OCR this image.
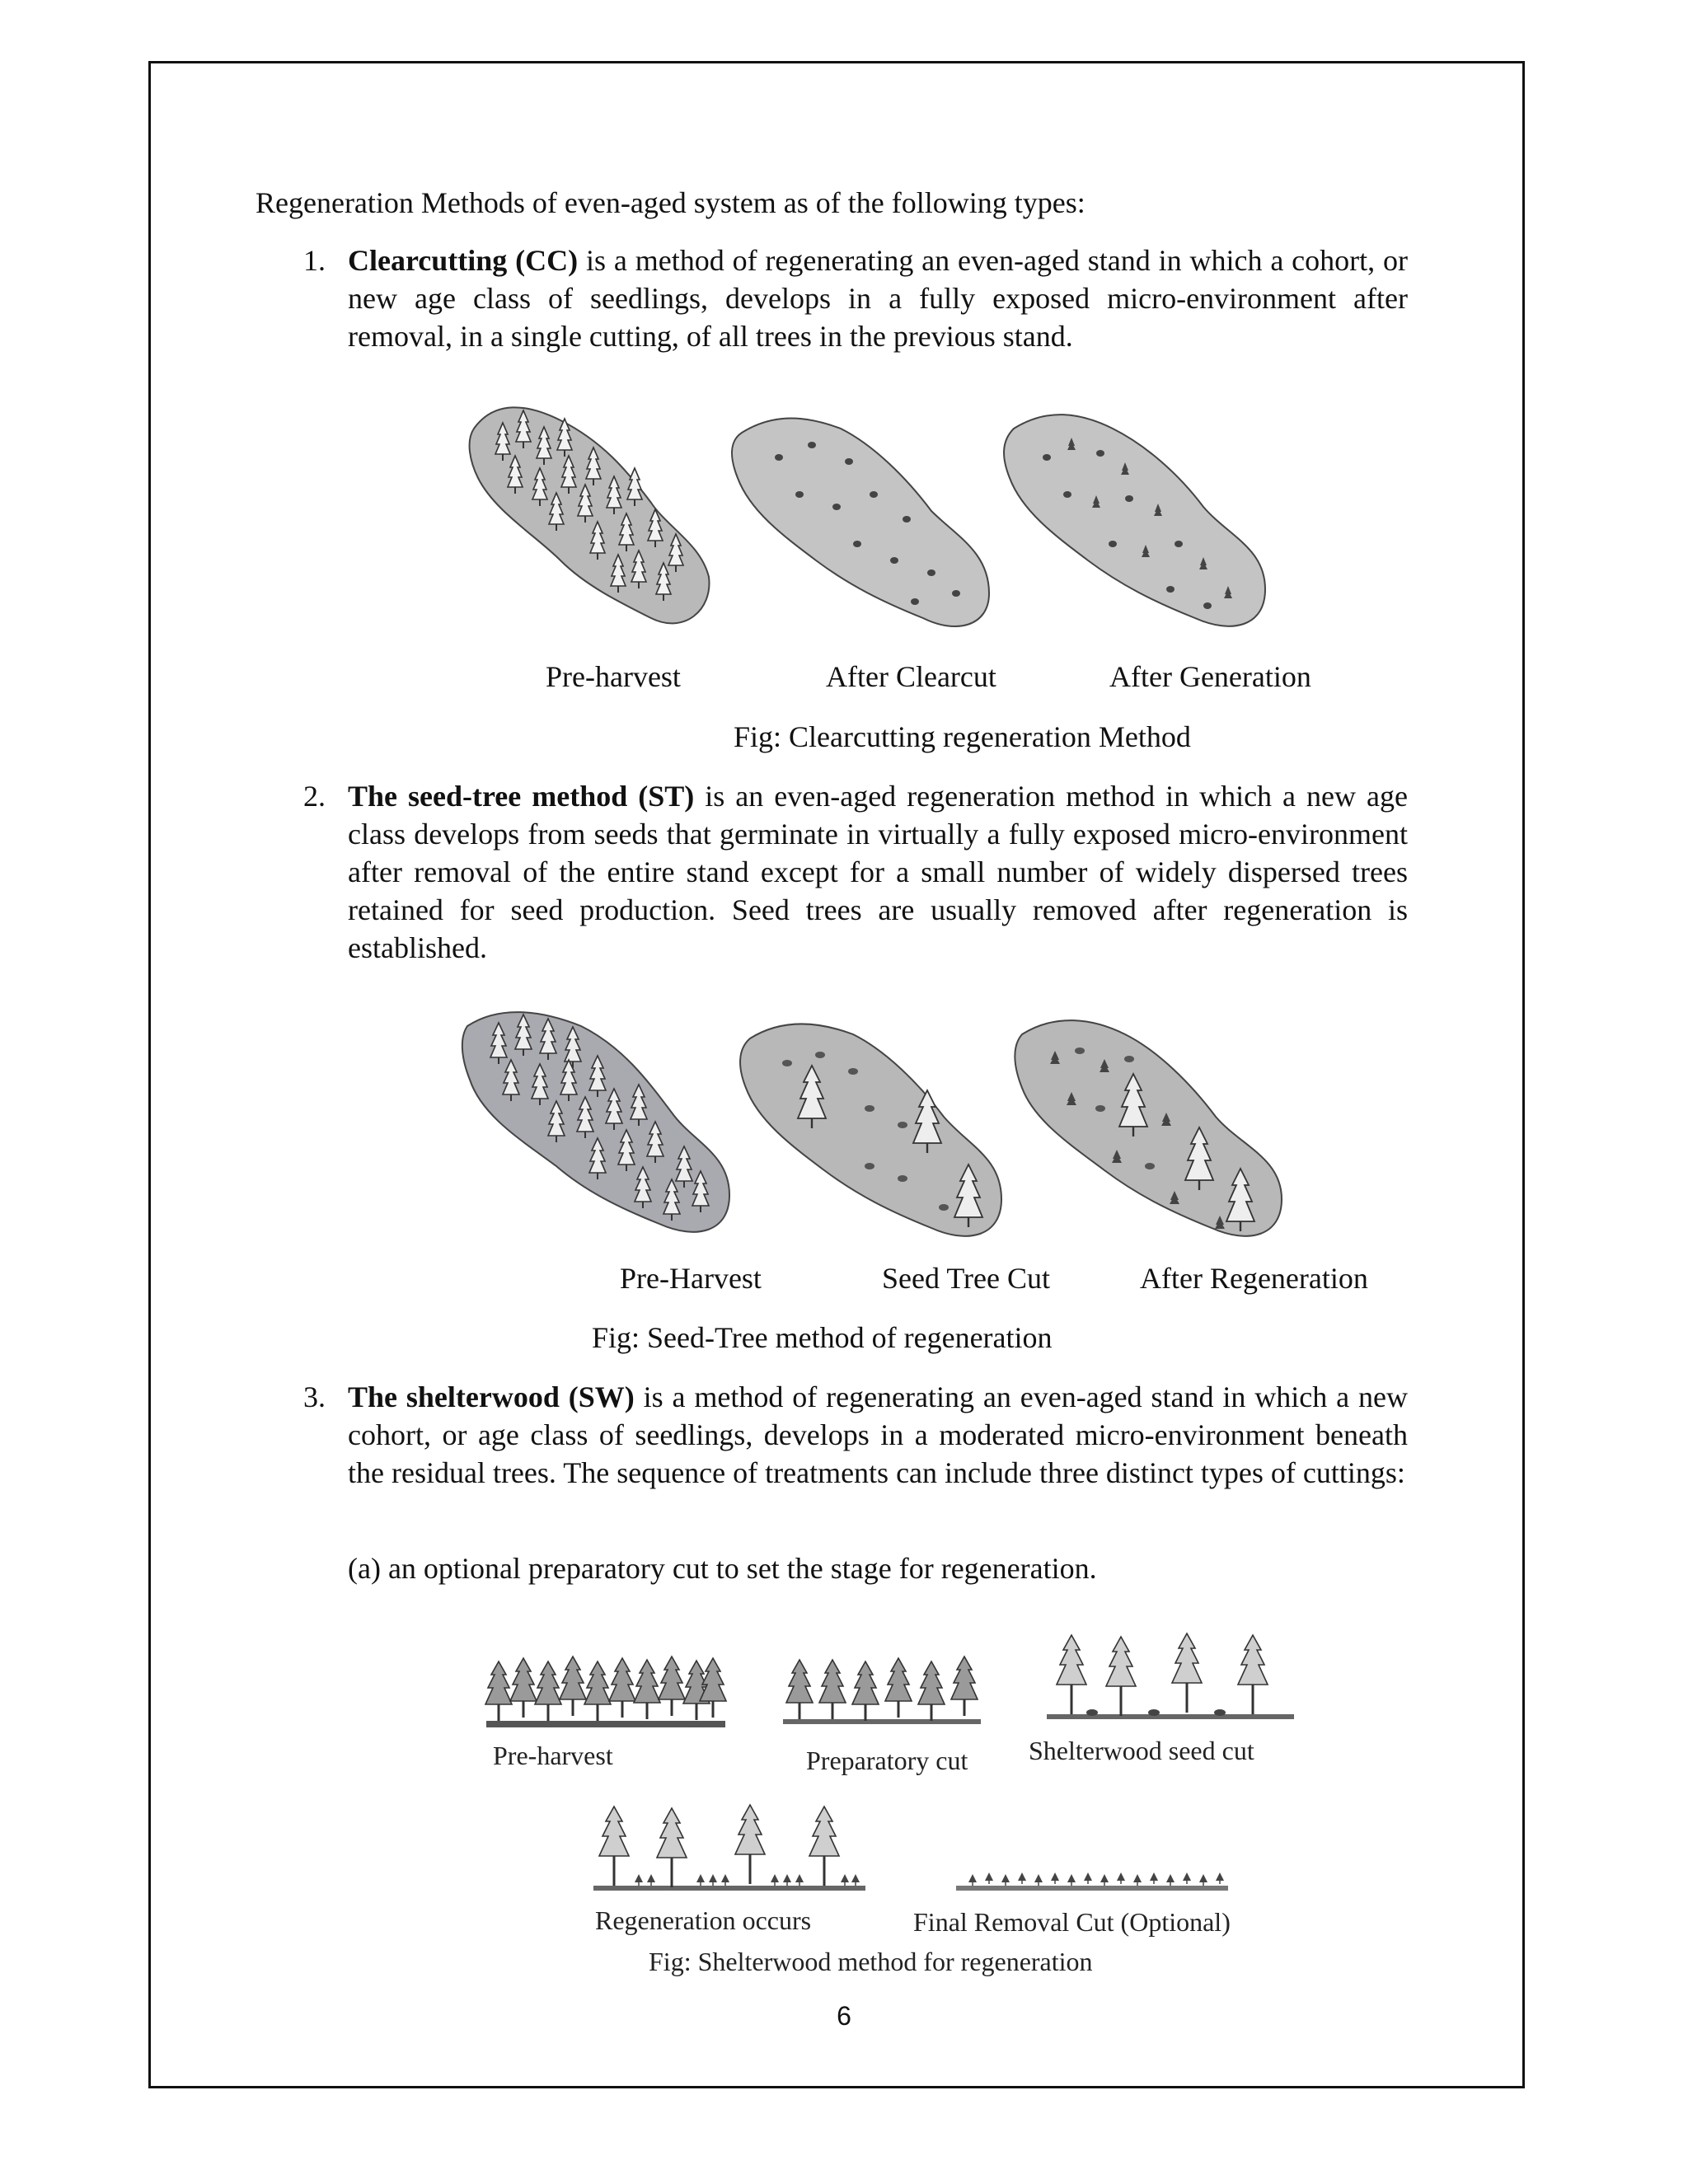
Regeneration Methods of even-aged system as of the following types:
1. Clearcutting (CC) is a method of regenerating an even-aged stand in which a cohort, or new age class of seedlings, develops in a fully exposed micro-environment after removal, in a single cutting, of all trees in the previous stand.
Pre-harvest	After Clearcut	After Generation
Fig: Clearcutting regeneration Method
2. The seed-tree method (ST) is an even-aged regeneration method in which a new age class develops from seeds that germinate in virtually a fully exposed micro-environment after removal of the entire stand except for a small number of widely dispersed trees retained for seed production. Seed trees are usually removed after regeneration is established.
Pre-Harvest	Seed Tree Cut	After Regeneration
Fig: Seed-Tree method of regeneration
3. The shelterwood (SW) is a method of regenerating an even-aged stand in which a new cohort, or age class of seedlings, develops in a moderated micro-environment beneath the residual trees. The sequence of treatments can include three distinct types of cuttings:
(a) an optional preparatory cut to set the stage for regeneration.
Pre-harvest	Preparatory cut Shelterwood seed cut
Regeneration occurs	Final Removal Cut (Optional)
Fig: Shelterwood method for regeneration
6
